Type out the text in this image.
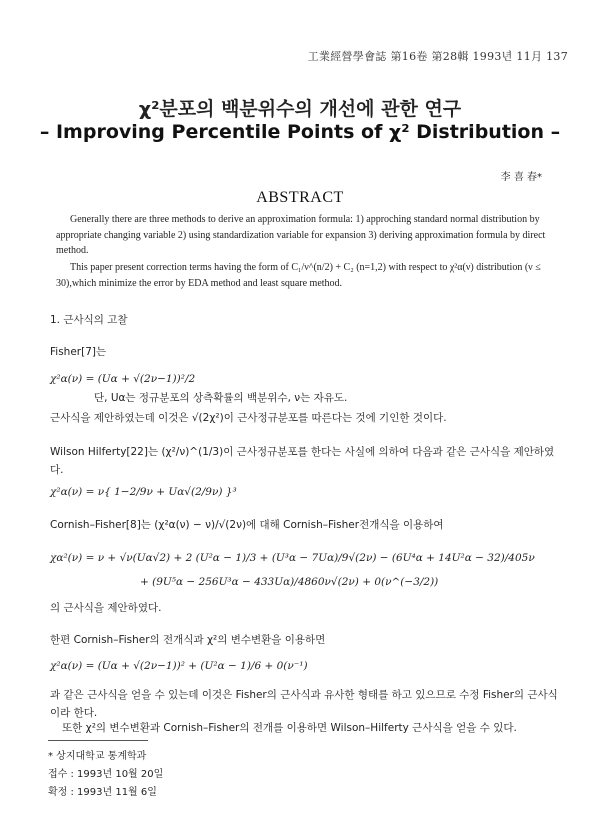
工業經營學會誌 第16卷 第28輯 1993년 11月 137
χ²분포의 백분위수의 개선에 관한 연구
– Improving Percentile Points of χ² Distribution –
李 喜 春*
ABSTRACT
Generally there are three methods to derive an approximation formula: 1) approching standard normal distribution by appropriate changing variable 2) using standardization variable for expansion 3) deriving approximation formula by direct method.
This paper present correction terms having the form of C₁/ν^(n/2) + C₂ (n=1,2) with respect to χ²α(ν) distribution (ν ≤ 30),which minimize the error by EDA method and least square method.
1. 근사식의 고찰
Fisher[7]는
χ²α(ν) = (Uα + √(2ν−1))²/2
단, Uα는 정규분포의 상측확률의 백분위수, ν는 자유도.
근사식을 제안하였는데 이것은 √(2χ²)이 근사정규분포를 따른다는 것에 기인한 것이다.
Wilson Hilferty[22]는 (χ²/ν)^(1/3)이 근사정규분포를 한다는 사실에 의하여 다음과 같은 근사식을 제안하였다.
χ²α(ν) = ν{ 1−2/9ν + Uα√(2/9ν) }³
Cornish–Fisher[8]는 (χ²α(ν) − ν)/√(2ν)에 대해 Cornish–Fisher전개식을 이용하여
χα²(ν) = ν + √ν(Uα√2) + 2 (U²α − 1)/3 + (U³α − 7Uα)/9√(2ν) − (6U⁴α + 14U²α − 32)/405ν
+ (9U⁵α − 256U³α − 433Uα)/4860ν√(2ν) + 0(ν^(−3/2))
의 근사식을 제안하였다.
한편 Cornish–Fisher의 전개식과 χ²의 변수변환을 이용하면
χ²α(ν) = (Uα + √(2ν−1))² + (U²α − 1)/6 + 0(ν⁻¹)
과 같은 근사식을 얻을 수 있는데 이것은 Fisher의 근사식과 유사한 형태를 하고 있으므로 수정 Fisher의 근사식이라 한다.
또한 χ²의 변수변환과 Cornish–Fisher의 전개를 이용하면 Wilson–Hilferty 근사식을 얻을 수 있다.
* 상지대학교 통계학과
접수 : 1993년 10월 20일
확정 : 1993년 11월 6일
